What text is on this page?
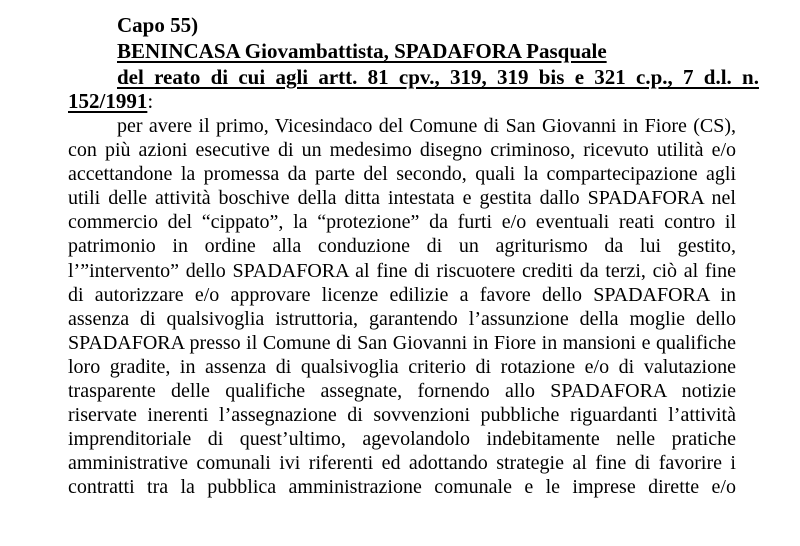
Capo 55)
BENINCASA Giovambattista, SPADAFORA Pasquale
del reato di cui agli artt. 81 cpv., 319, 319 bis e 321 c.p., 7 d.l. n.
152/1991:
per avere il primo, Vicesindaco del Comune di San Giovanni in Fiore (CS),
con più azioni esecutive di un medesimo disegno criminoso, ricevuto utilità e/o
accettandone la promessa da parte del secondo, quali la compartecipazione agli
utili delle attività boschive della ditta intestata e gestita dallo SPADAFORA nel
commercio del “cippato”, la “protezione” da furti e/o eventuali reati contro il
patrimonio in ordine alla conduzione di un agriturismo da lui gestito,
l’”intervento” dello SPADAFORA al fine di riscuotere crediti da terzi, ciò al fine
di autorizzare e/o approvare licenze edilizie a favore dello SPADAFORA in
assenza di qualsivoglia istruttoria, garantendo l’assunzione della moglie dello
SPADAFORA presso il Comune di San Giovanni in Fiore in mansioni e qualifiche
loro gradite, in assenza di qualsivoglia criterio di rotazione e/o di valutazione
trasparente delle qualifiche assegnate, fornendo allo SPADAFORA notizie
riservate inerenti l’assegnazione di sovvenzioni pubbliche riguardanti l’attività
imprenditoriale di quest’ultimo, agevolandolo indebitamente nelle pratiche
amministrative comunali ivi riferenti ed adottando strategie al fine di favorire i
contratti tra la pubblica amministrazione comunale e le imprese dirette e/o
